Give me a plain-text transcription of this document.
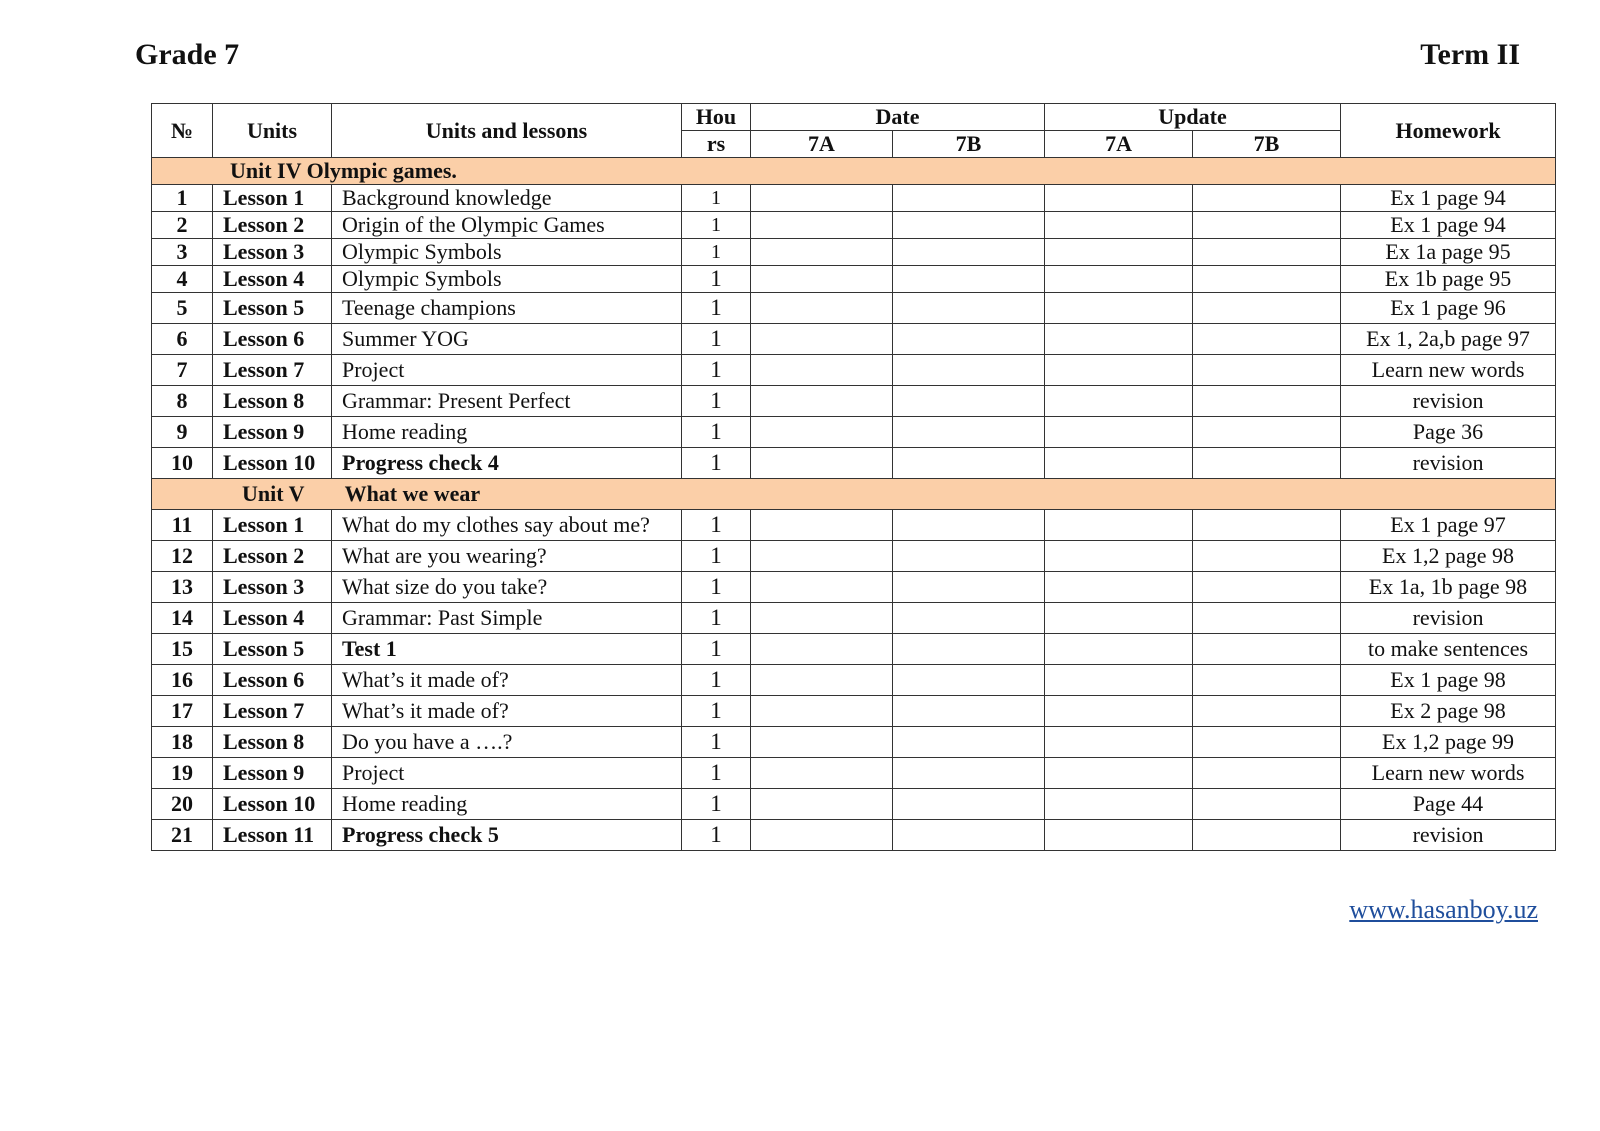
Grade 7	Term II
№	Units	Units and lessons	Hou	Date		Update		Homework
			rs	7A	7B	7A	7B	
Unit IV Olympic games.								
1	Lesson 1	Background knowledge	1					Ex 1 page 94
2	Lesson 2	Origin of the Olympic Games	1					Ex 1 page 94
3	Lesson 3	Olympic Symbols	1					Ex 1a page 95
4	Lesson 4	Olympic Symbols	1					Ex 1b page 95
5	Lesson 5	Teenage champions	1					Ex 1 page 96
6	Lesson 6	Summer YOG	1					Ex 1, 2a,b page 97
7	Lesson 7	Project	1					Learn new words
8	Lesson 8	Grammar: Present Perfect	1					revision
9	Lesson 9	Home reading	1					Page 36
10	Lesson 10	Progress check 4	1					revision
Unit V What we wear								
11	Lesson 1	What do my clothes say about me?	1					Ex 1 page 97
12	Lesson 2	What are you wearing?	1					Ex 1,2 page 98
13	Lesson 3	What size do you take?	1					Ex 1a, 1b page 98
14	Lesson 4	Grammar: Past Simple	1					revision
15	Lesson 5	Test 1	1					to make sentences
16	Lesson 6	What’s it made of?	1					Ex 1 page 98
17	Lesson 7	What’s it made of?	1					Ex 2 page 98
18	Lesson 8	Do you have a ….?	1					Ex 1,2 page 99
19	Lesson 9	Project	1					Learn new words
20	Lesson 10	Home reading	1					Page 44
21	Lesson 11	Progress check 5	1					revision
www.hasanboy.uz
